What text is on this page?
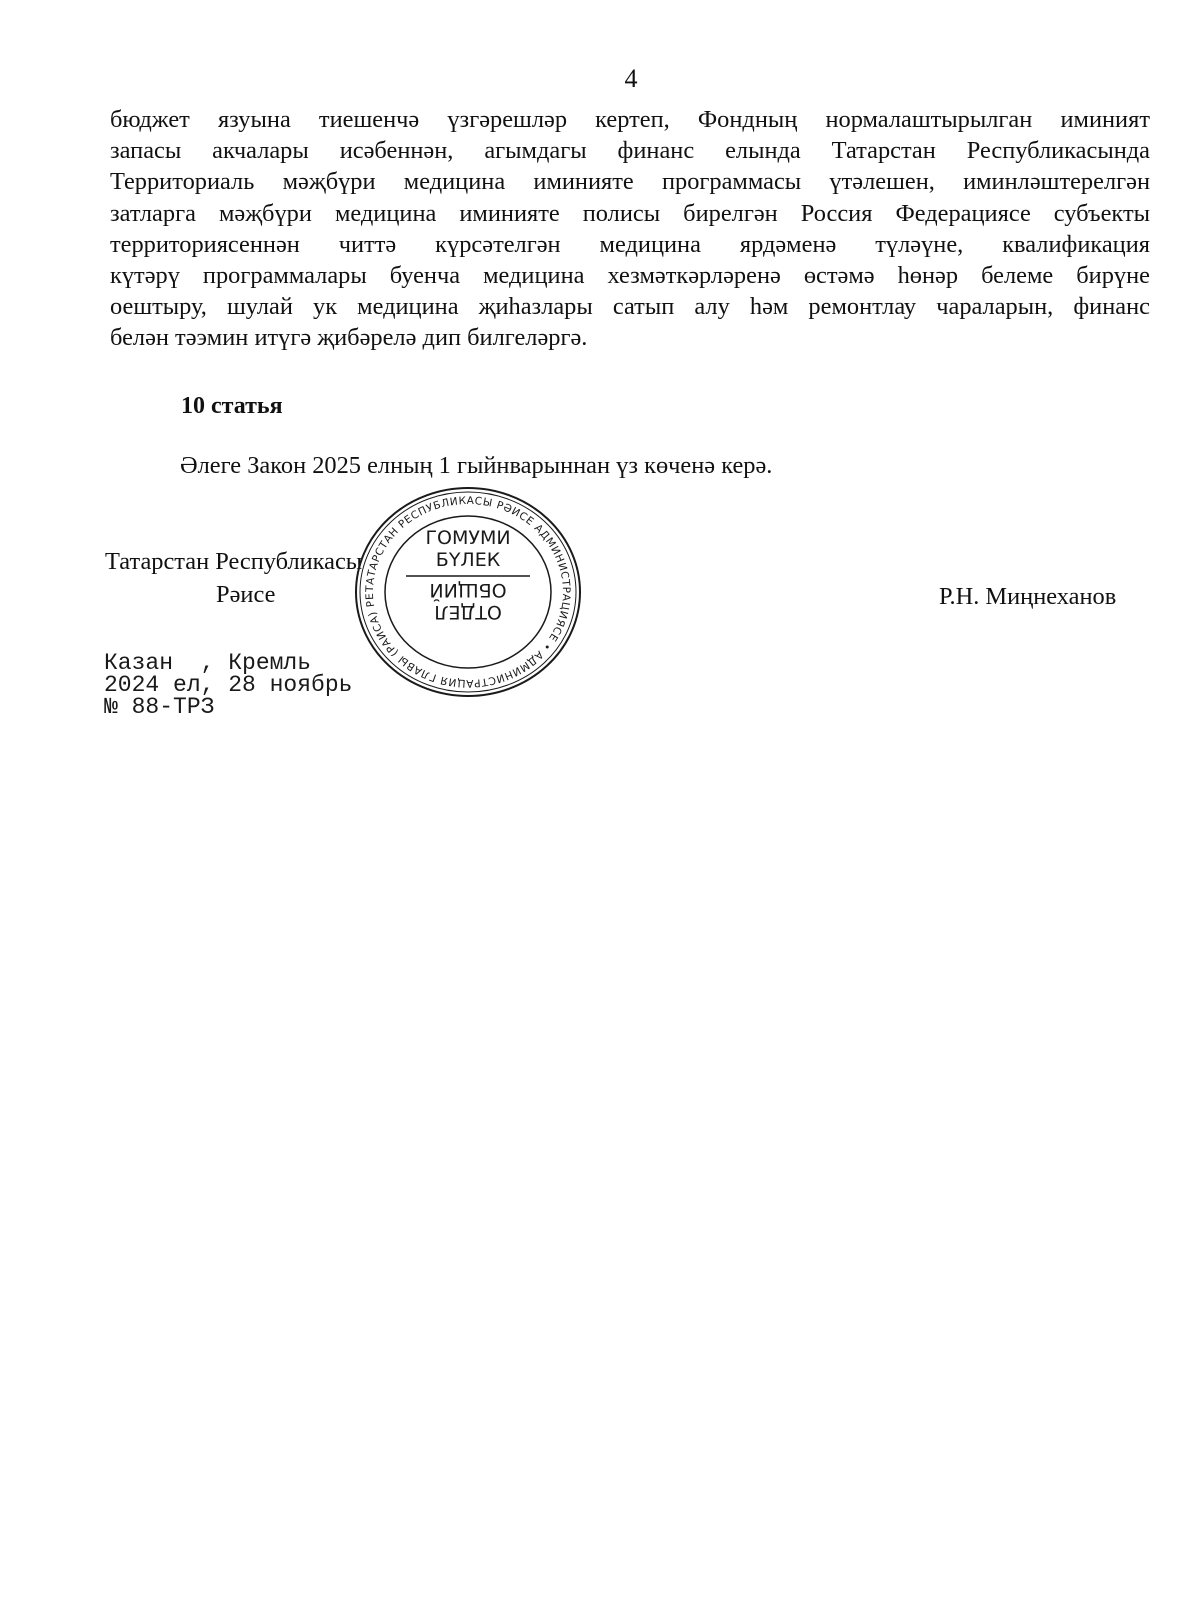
4
бюджет язуына тиешенчә үзгәрешләр кертеп, Фондның нормалаштырылган иминият
запасы акчалары исәбеннән, агымдагы финанс елында Татарстан Республикасында
Территориаль мәҗбүри медицина иминияте программасы үтәлешен, иминләштерелгән
затларга мәҗбүри медицина иминияте полисы бирелгән Россия Федерациясе субъекты
территориясеннән читтә күрсәтелгән медицина ярдәменә түләүне, квалификация
күтәрү программалары буенча медицина хезмәткәрләренә өстәмә һөнәр белеме бирүне
оештыру, шулай ук медицина җиһазлары сатып алу һәм ремонтлау чараларын, финанс
белән тәэмин итүгә җибәрелә дип билгеләргә.
10 статья
Әлеге Закон 2025 елның 1 гыйнварыннан үз көченә керә.
Татарстан Республикасы
Рәисе	Р.Н. Миңнеханов
Казан  , Кремль
2024 ел, 28 ноябрь
№ 88-ТРЗ
ТАТАРСТАН РЕСПУБЛИКАСЫ РӘИСЕ АДМИНИСТРАЦИЯСЕ • АДМИНИСТРАЦИЯ ГЛАВЫ (РАИСА) РЕ
ГОМУМИ
БҮЛЕК
ОТДЕЛ
ОБЩИЙ
